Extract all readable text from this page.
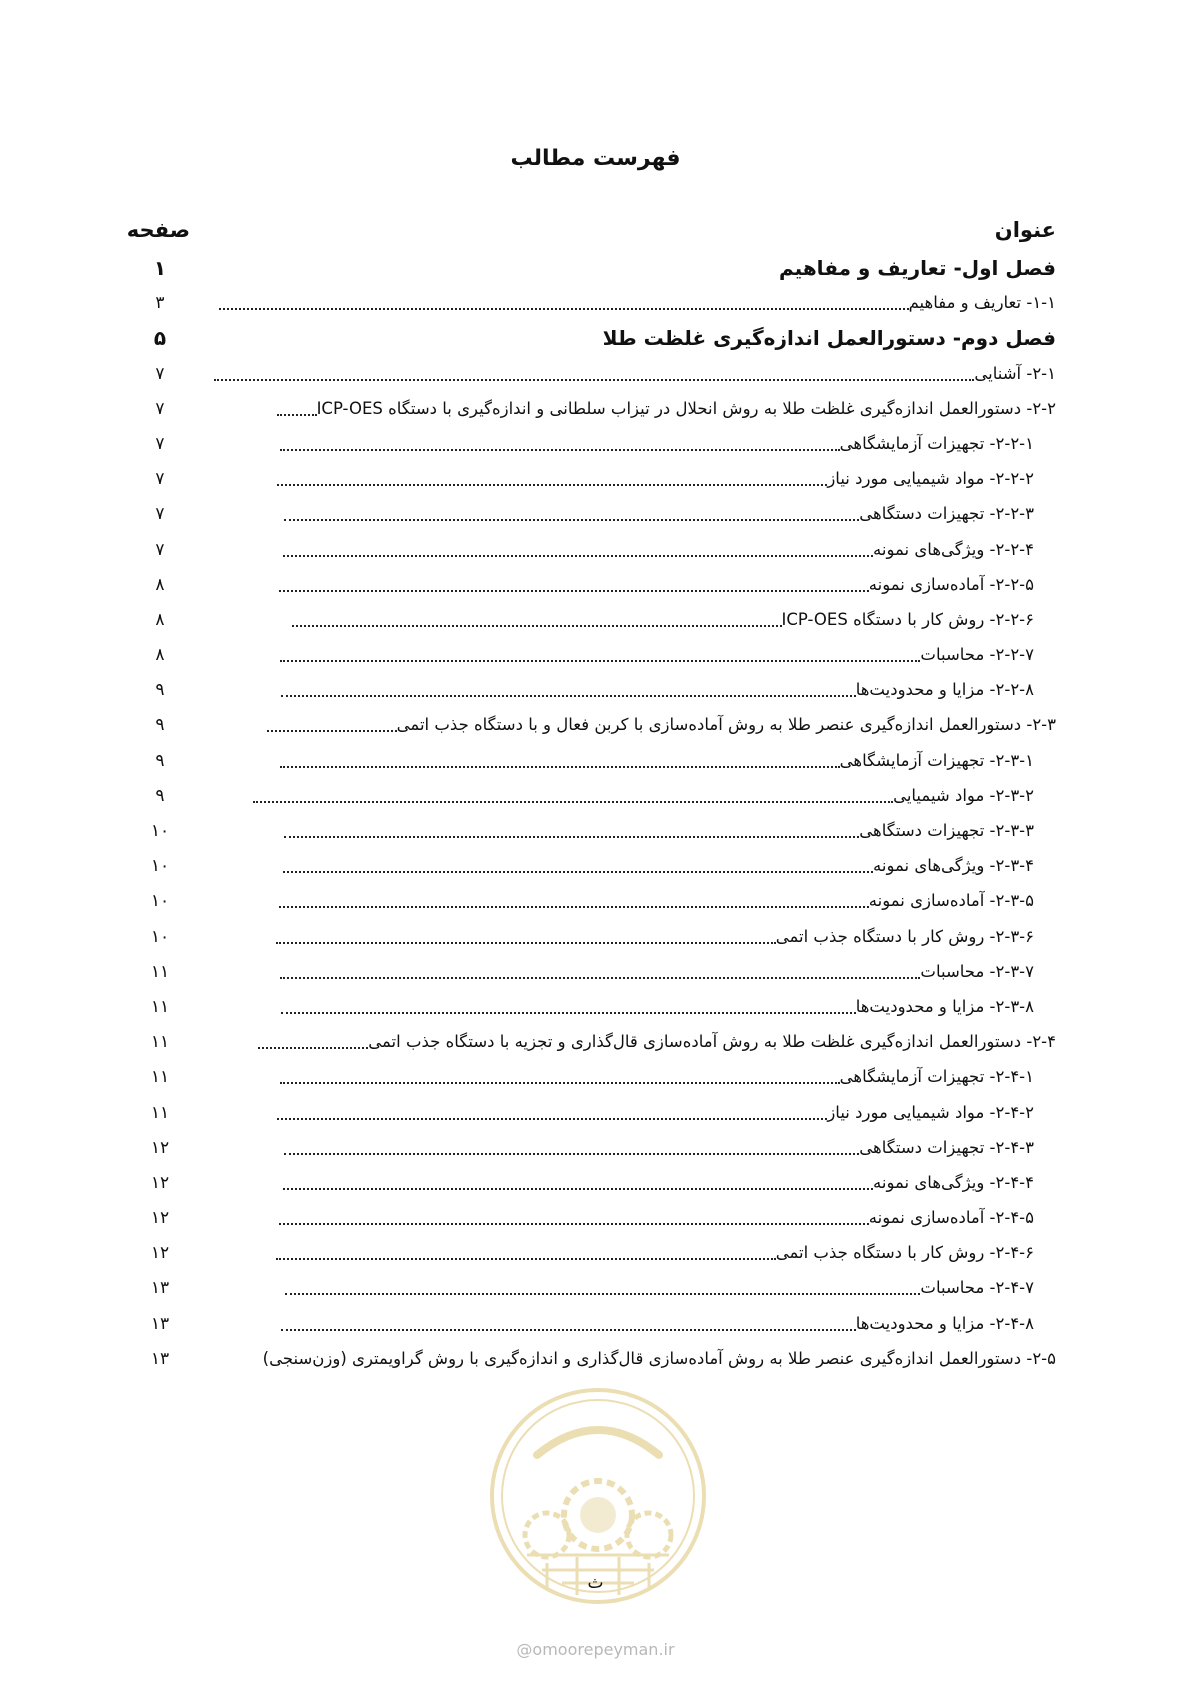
فهرست مطالب
عنوان
صفحه
فصل اول- تعاریف و مفاهیم
۱
۱-۱- تعاریف و مفاهیم
۳
فصل دوم- دستورالعمل اندازه‌گیری غلظت طلا
۵
۲-۱- آشنایی
۷
۲-۲- دستورالعمل اندازه‌گیری غلظت طلا به روش انحلال در تیزاب سلطانی و اندازه‌گیری با دستگاه ICP-OES
۷
۲-۲-۱- تجهیزات آزمایشگاهی
۷
۲-۲-۲- مواد شیمیایی مورد نیاز
۷
۲-۲-۳- تجهیزات دستگاهی
۷
۲-۲-۴- ویژگی‌های نمونه
۷
۲-۲-۵- آماده‌سازی نمونه
۸
۲-۲-۶- روش کار با دستگاه ICP-OES
۸
۲-۲-۷- محاسبات
۸
۲-۲-۸- مزایا و محدودیت‌ها
۹
۲-۳- دستورالعمل اندازه‌گیری عنصر طلا به روش آماده‌سازی با کربن فعال و با دستگاه جذب اتمی
۹
۲-۳-۱- تجهیزات آزمایشگاهی
۹
۲-۳-۲- مواد شیمیایی
۹
۲-۳-۳- تجهیزات دستگاهی
۱۰
۲-۳-۴- ویژگی‌های نمونه
۱۰
۲-۳-۵- آماده‌سازی نمونه
۱۰
۲-۳-۶- روش کار با دستگاه جذب اتمی
۱۰
۲-۳-۷- محاسبات
۱۱
۲-۳-۸- مزایا و محدودیت‌ها
۱۱
۲-۴- دستورالعمل اندازه‌گیری غلظت طلا به روش آماده‌سازی قال‌گذاری و تجزیه با دستگاه جذب اتمی
۱۱
۲-۴-۱- تجهیزات آزمایشگاهی
۱۱
۲-۴-۲- مواد شیمیایی مورد نیاز
۱۱
۲-۴-۳- تجهیزات دستگاهی
۱۲
۲-۴-۴- ویژگی‌های نمونه
۱۲
۲-۴-۵- آماده‌سازی نمونه
۱۲
۲-۴-۶- روش کار با دستگاه جذب اتمی
۱۲
۲-۴-۷- محاسبات
۱۳
۲-۴-۸- مزایا و محدودیت‌ها
۱۳
۲-۵- دستورالعمل اندازه‌گیری عنصر طلا به روش آماده‌سازی قال‌گذاری و اندازه‌گیری با روش گراویمتری (وزن‌سنجی)
۱۳
ث
@omoorepeyman.ir
